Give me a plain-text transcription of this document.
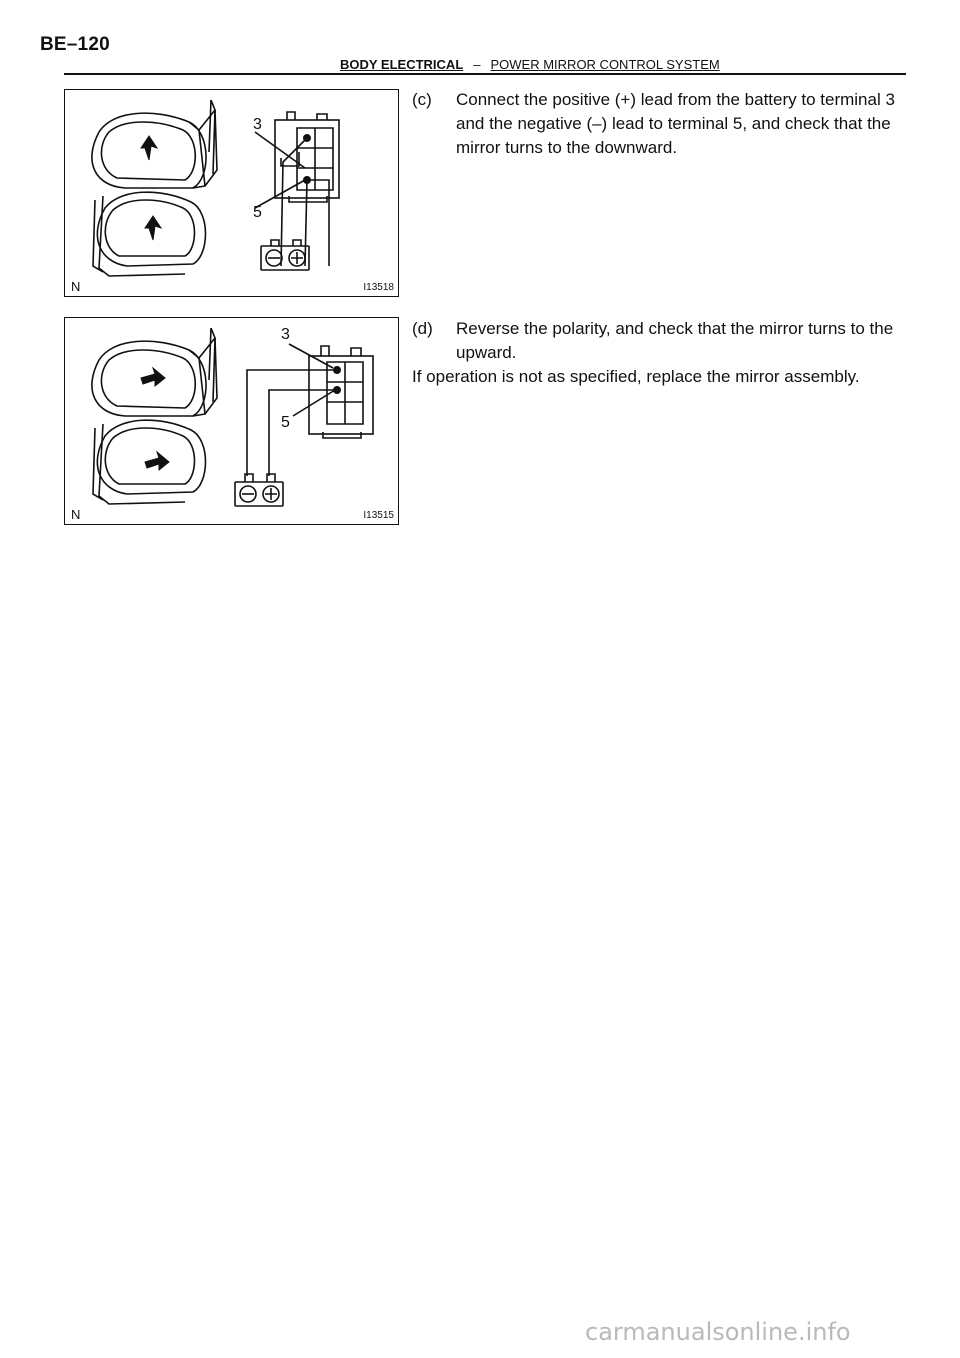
BE–120
BODY ELECTRICAL – POWER MIRROR CONTROL SYSTEM
3
5
N	I13518
3
5
N	I13515
(c) Connect the positive (+) lead from the battery to terminal 3 and the negative (–) lead to terminal 5, and check that the mirror turns to the downward.
(d) Reverse the polarity, and check that the mirror turns to the upward.
If operation is not as specified, replace the mirror assembly.
carmanualsonline.info
